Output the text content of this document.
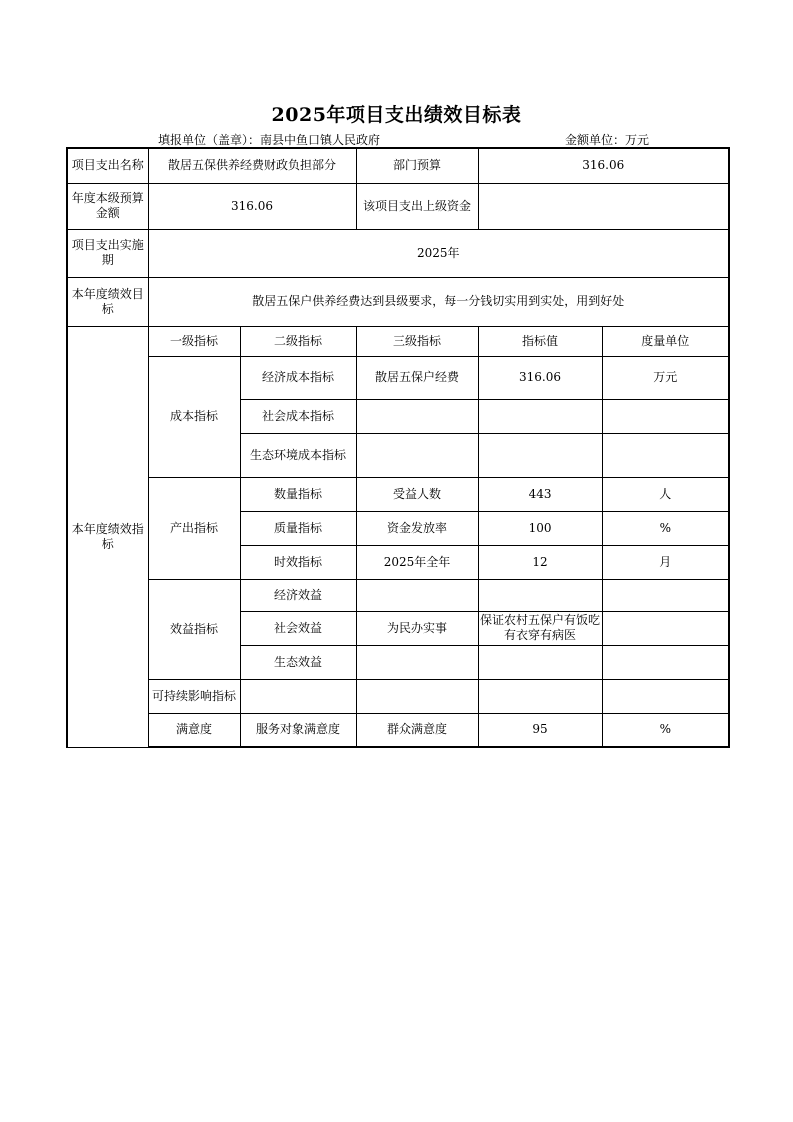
2025年项目支出绩效目标表
填报单位（盖章）：南县中鱼口镇人民政府	金额单位：万元
项目支出名称	散居五保供养经费财政负担部分		部门预算	316.06	
年度本级预算金额	316.06		该项目支出上级资金		
项目支出实施期	2025年				
本年度绩效目标	散居五保户供养经费达到县级要求，每一分钱切实用到实处，用到好处				
本年度绩效指标	一级指标	二级指标	三级指标	指标值	度量单位
	成本指标	经济成本指标	散居五保户经费	316.06	万元
		社会成本指标			
		生态环境成本指标			
	产出指标	数量指标	受益人数	443	人
		质量指标	资金发放率	100	%
		时效指标	2025年全年	12	月
	效益指标	经济效益			
		社会效益	为民办实事	保证农村五保户有饭吃有衣穿有病医	
		生态效益			
	可持续影响指标				
	满意度	服务对象满意度	群众满意度	95	%
